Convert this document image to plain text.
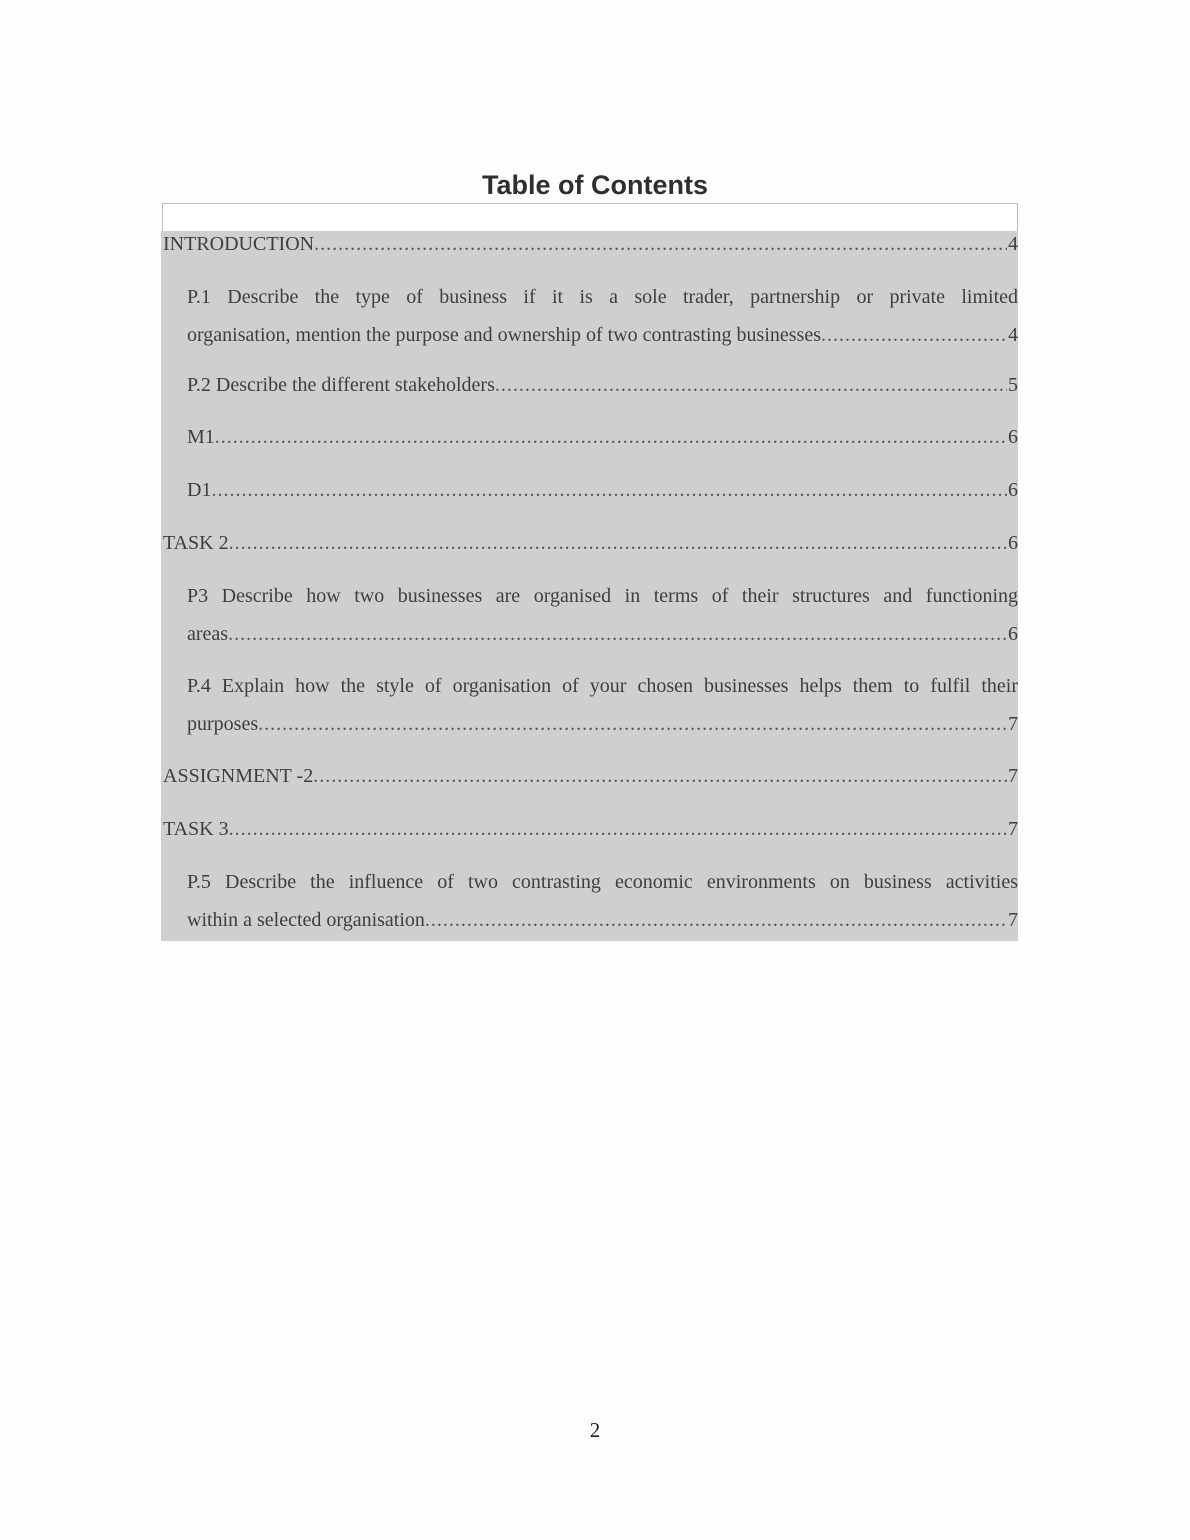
Table of Contents
INTRODUCTION .....	4
P.1 Describe the type of business if it is a sole trader, partnership or private limited
organisation, mention the purpose and ownership of two contrasting businesses .....	4
P.2 Describe the different stakeholders .....	5
M1 .....	6
D1 .....	6
TASK 2 .....	6
P3 Describe how two businesses are organised in terms of their structures and functioning
areas .....	6
P.4 Explain how the style of organisation of your chosen businesses helps them to fulfil their
purposes .....	7
ASSIGNMENT -2 .....	7
TASK 3 .....	7
P.5 Describe the influence of two contrasting economic environments on business activities
within a selected organisation .....	7
2
